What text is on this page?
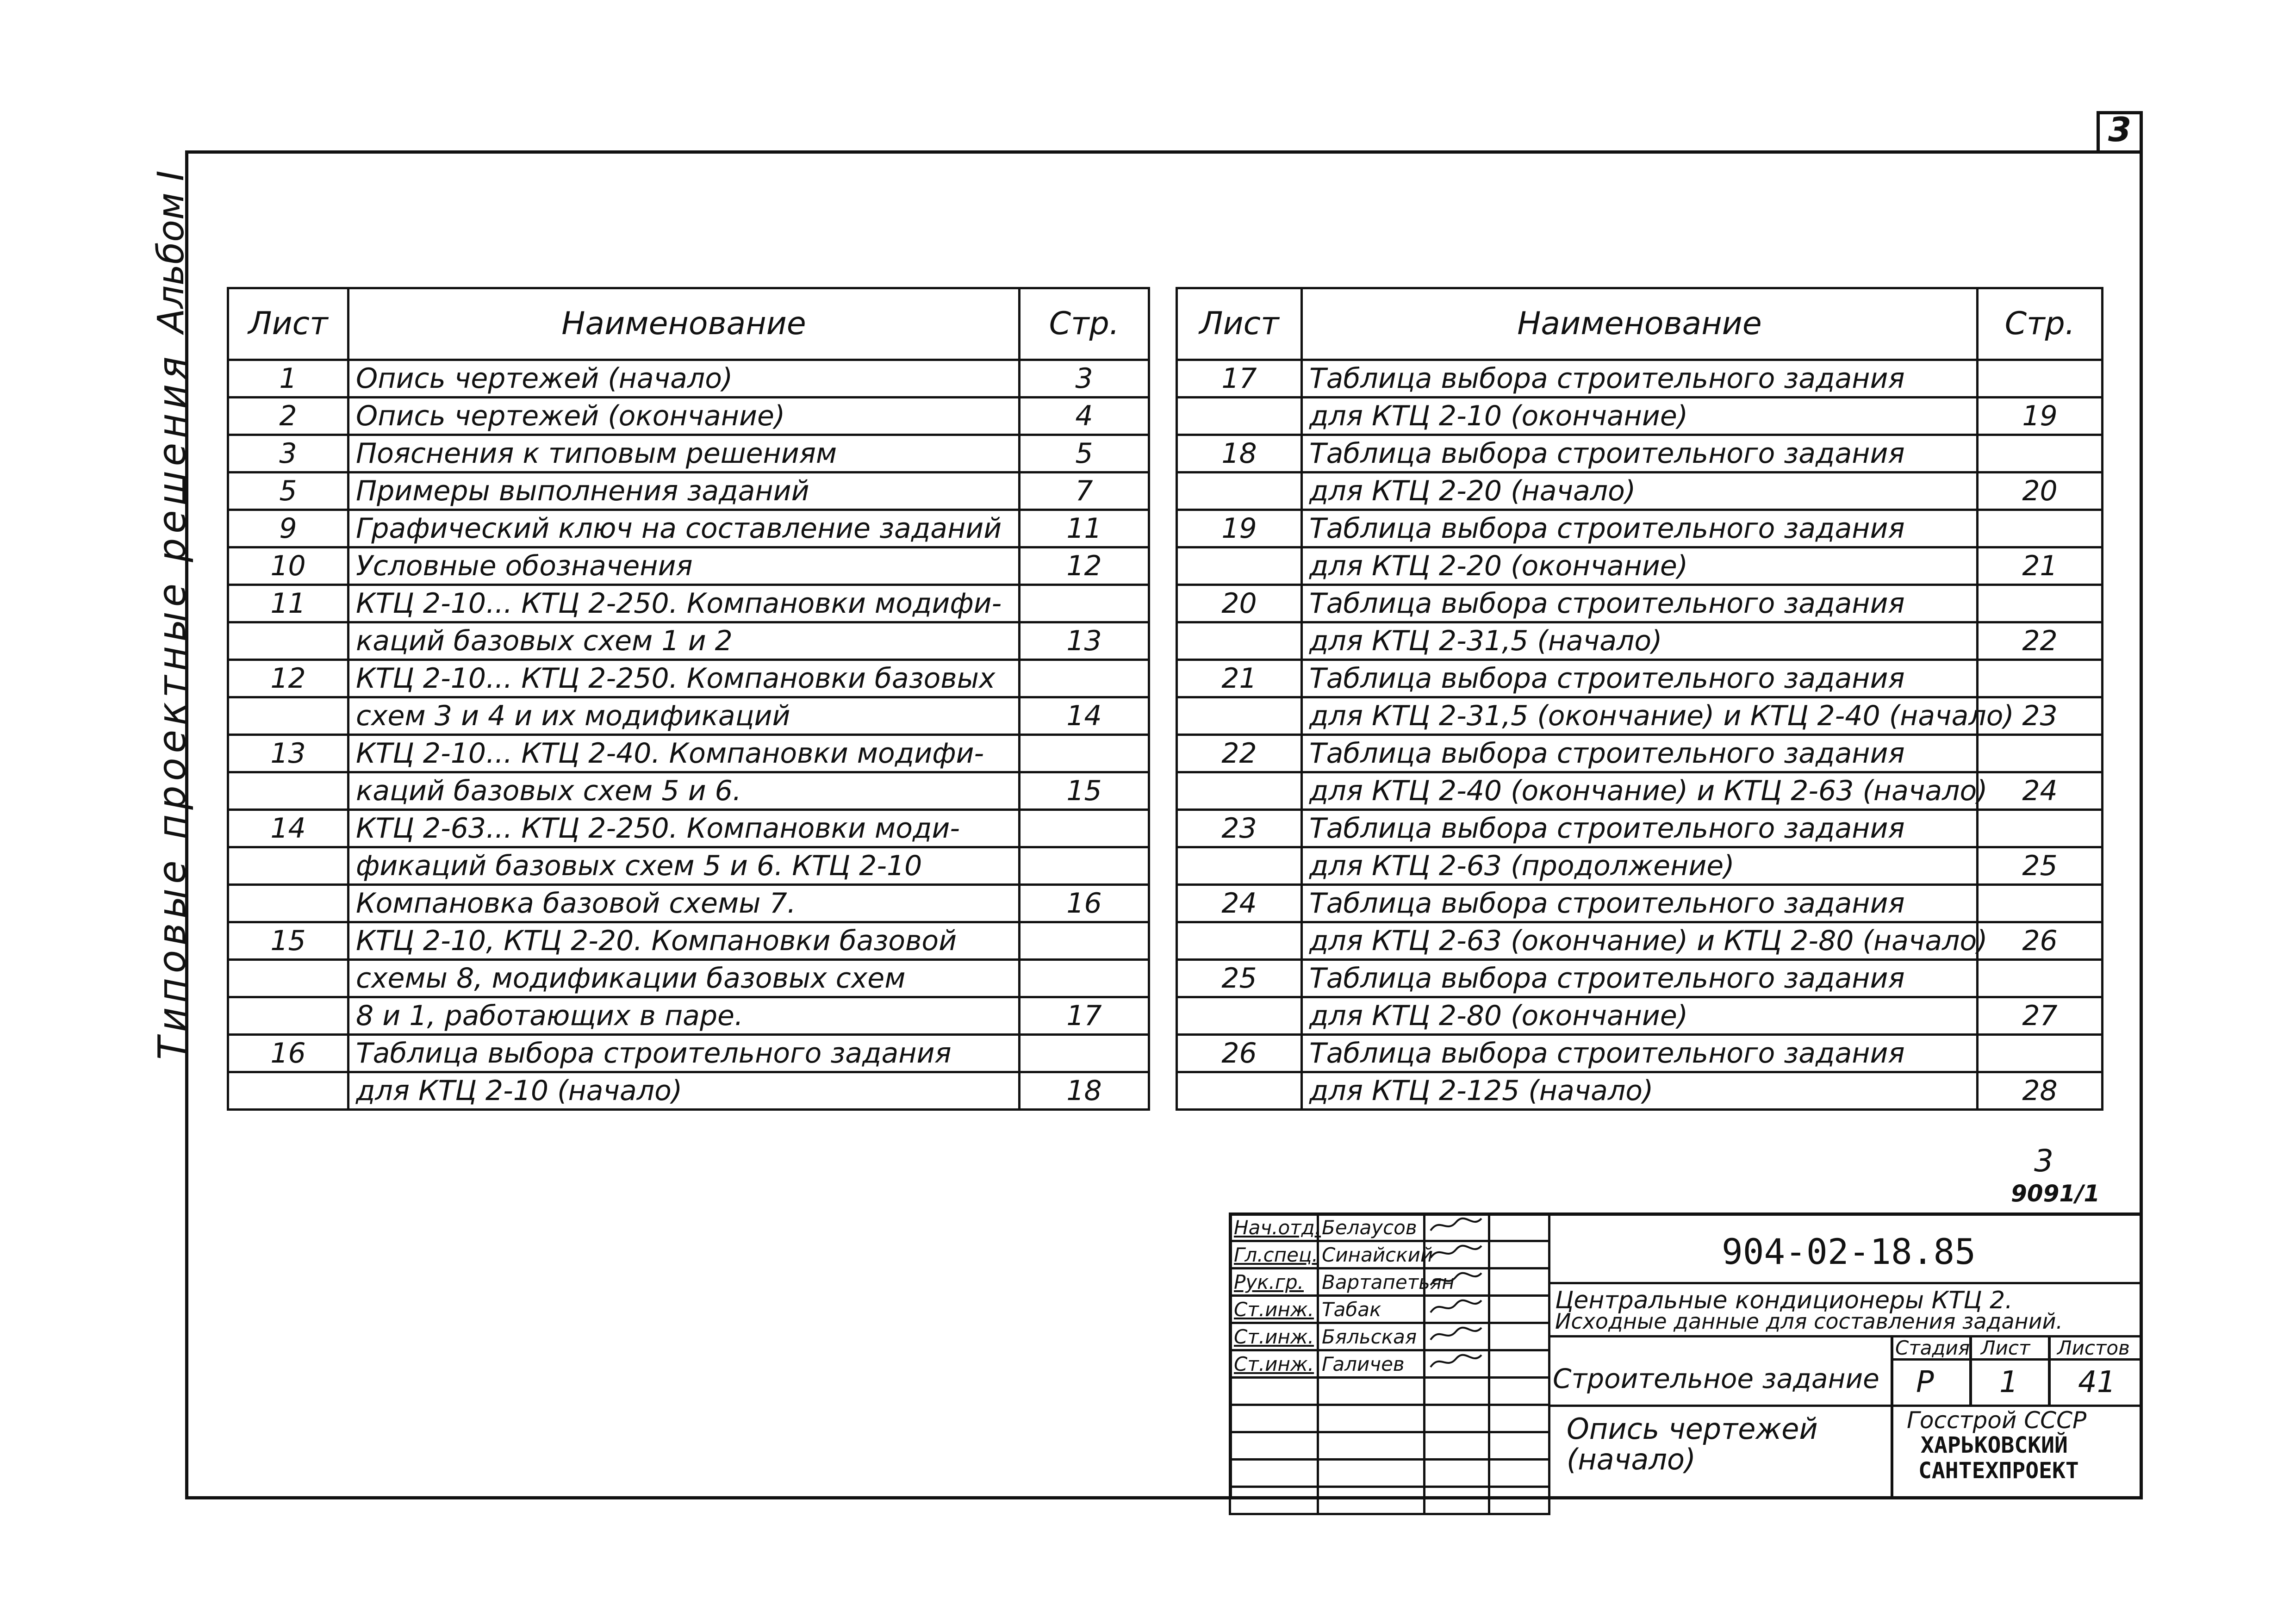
3
Альбом I
Типовые проектные решения
Лист	Наименование	Стр.
1	Опись чертежей (начало)	3
2	Опись чертежей (окончание)	4
3	Пояснения к типовым решениям	5
5	Примеры выполнения заданий	7
9	Графический ключ на составление заданий	11
10	Условные обозначения	12
11	КТЦ 2-10... КТЦ 2-250. Компановки модифи-	
	каций базовых схем 1 и 2	13
12	КТЦ 2-10... КТЦ 2-250. Компановки базовых	
	схем 3 и 4 и их модификаций	14
13	КТЦ 2-10... КТЦ 2-40. Компановки модифи-	
	каций базовых схем 5 и 6.	15
14	КТЦ 2-63... КТЦ 2-250. Компановки моди-	
	фикаций базовых схем 5 и 6. КТЦ 2-10	
	Компановка базовой схемы 7.	16
15	КТЦ 2-10, КТЦ 2-20. Компановки базовой	
	схемы 8, модификации базовых схем	
	8 и 1, работающих в паре.	17
16	Таблица выбора строительного задания	
	для КТЦ 2-10 (начало)	18
Лист	Наименование	Стр.
17	Таблица выбора строительного задания	
	для КТЦ 2-10 (окончание)	19
18	Таблица выбора строительного задания	
	для КТЦ 2-20 (начало)	20
19	Таблица выбора строительного задания	
	для КТЦ 2-20 (окончание)	21
20	Таблица выбора строительного задания	
	для КТЦ 2-31,5 (начало)	22
21	Таблица выбора строительного задания	
	для КТЦ 2-31,5 (окончание) и КТЦ 2-40 (начало)	23
22	Таблица выбора строительного задания	
	для КТЦ 2-40 (окончание) и КТЦ 2-63 (начало)	24
23	Таблица выбора строительного задания	
	для КТЦ 2-63 (продолжение)	25
24	Таблица выбора строительного задания	
	для КТЦ 2-63 (окончание) и КТЦ 2-80 (начало)	26
25	Таблица выбора строительного задания	
	для КТЦ 2-80 (окончание)	27
26	Таблица выбора строительного задания	
	для КТЦ 2-125 (начало)	28
3
9091/1
Нач.отд.	Белаусов		
Гл.спец.	Синайский		
Рук.гр.	Вартапетьян		
Ст.инж.	Табак		
Ст.инж.	Бяльская		
Ст.инж.	Галичев		

904-02-18.85
Центральные кондиционеры КТЦ 2.
Исходные данные для составления заданий.
Строительное задание
Стадия Лист Листов
Р 1 41
Опись чертежей (начало)
Госстрой СССР
ХАРЬКОВСКИЙ
САНТЕХПРОЕКТ
